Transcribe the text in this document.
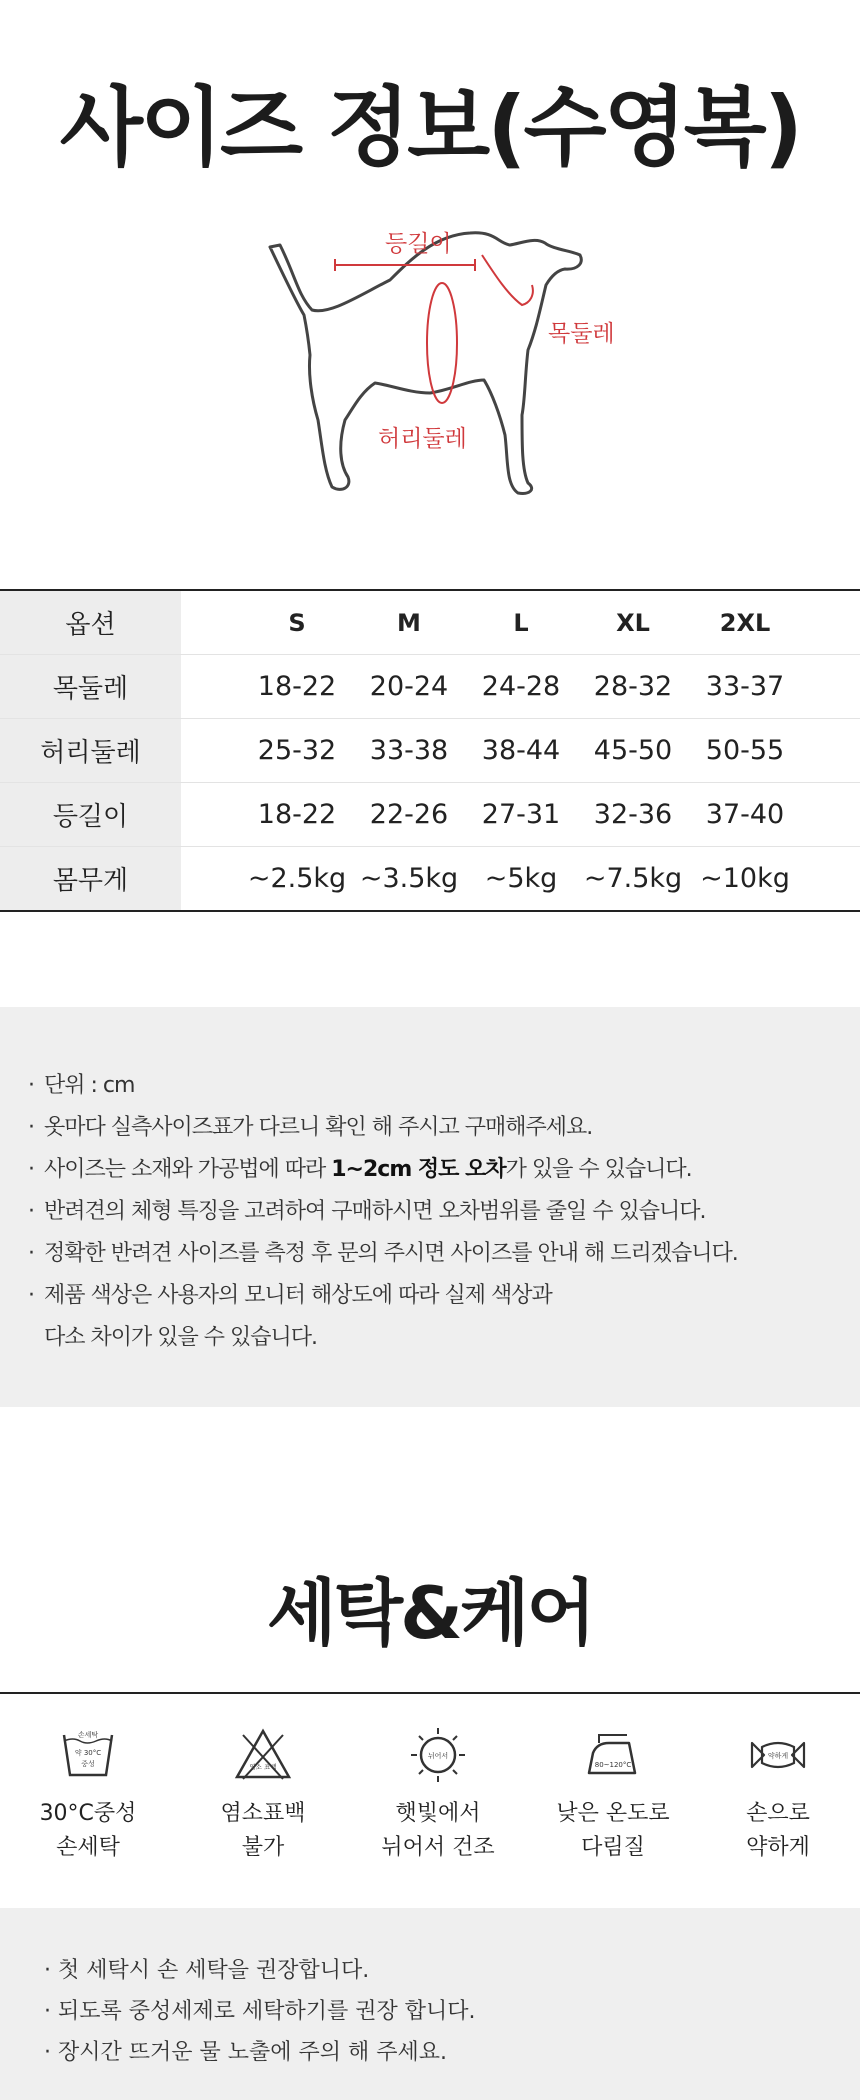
사이즈 정보(수영복)
등길이
목둘레
허리둘레
옵션		S	M	L	XL	2XL	
목둘레		18-22	20-24	24-28	28-32	33-37	
허리둘레		25-32	33-38	38-44	45-50	50-55	
등길이		18-22	22-26	27-31	32-36	37-40	
몸무게		~2.5kg	~3.5kg	~5kg	~7.5kg	~10kg	
· 단위 : cm
· 옷마다 실측사이즈표가 다르니 확인 해 주시고 구매해주세요.
· 사이즈는 소재와 가공법에 따라 1~2cm 정도 오차가 있을 수 있습니다.
· 반려견의 체형 특징을 고려하여 구매하시면 오차범위를 줄일 수 있습니다.
· 정확한 반려견 사이즈를 측정 후 문의 주시면 사이즈를 안내 해 드리겠습니다.
· 제품 색상은 사용자의 모니터 해상도에 따라 실제 색상과
다소 차이가 있을 수 있습니다.
세탁&케어
손세탁
약 30°C
중성
30°C중성
손세탁
염소 표백
염소표백
불가
뉘어서
햇빛에서
뉘어서 건조
80~120°C
낮은 온도로
다림질
약하게
손으로
약하게
· 첫 세탁시 손 세탁을 권장합니다.
· 되도록 중성세제로 세탁하기를 권장 합니다.
· 장시간 뜨거운 물 노출에 주의 해 주세요.
